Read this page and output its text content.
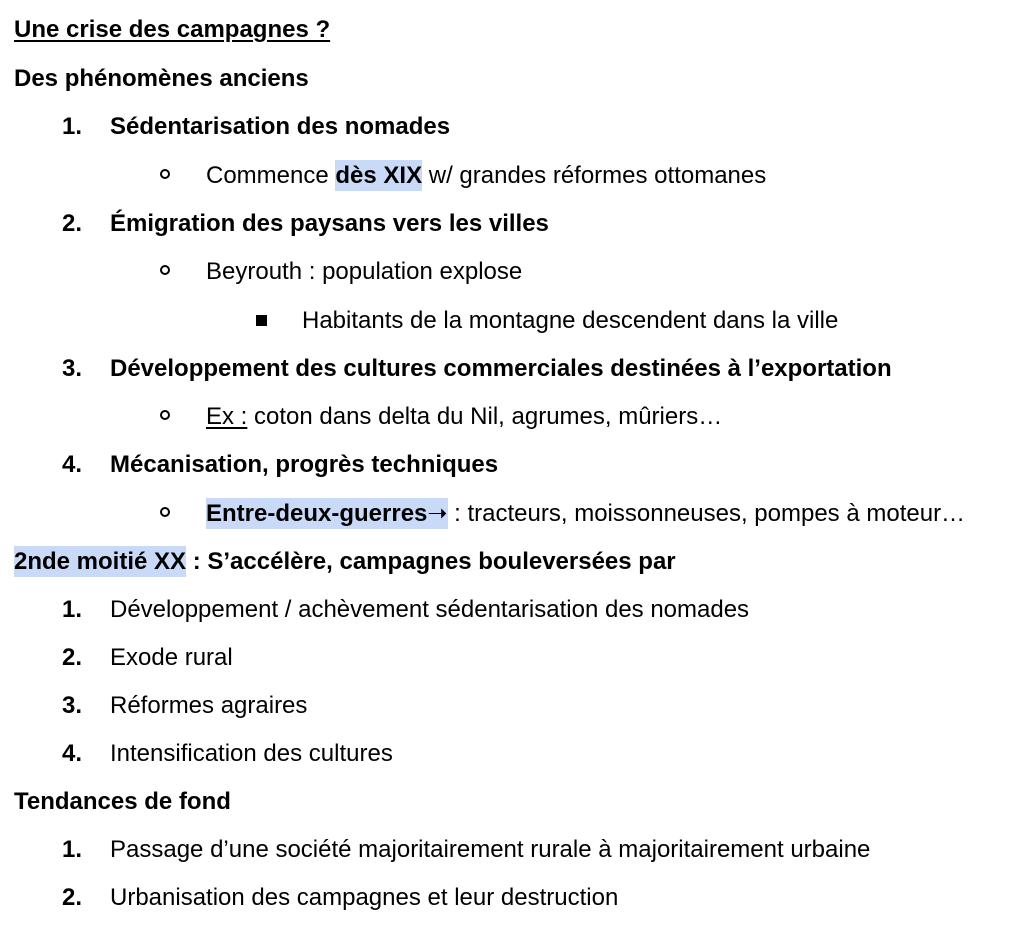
Une crise des campagnes ?
Des phénomènes anciens
1. Sédentarisation des nomades
Commence dès XIX w/ grandes réformes ottomanes
2. Émigration des paysans vers les villes
Beyrouth : population explose
Habitants de la montagne descendent dans la ville
3. Développement des cultures commerciales destinées à l’exportation
Ex : coton dans delta du Nil, agrumes, mûriers…
4. Mécanisation, progrès techniques
Entre-deux-guerres➝ : tracteurs, moissonneuses, pompes à moteur…
2nde moitié XX : S’accélère, campagnes bouleversées par
1. Développement / achèvement sédentarisation des nomades
2. Exode rural
3. Réformes agraires
4. Intensification des cultures
Tendances de fond
1. Passage d’une société majoritairement rurale à majoritairement urbaine
2. Urbanisation des campagnes et leur destruction
